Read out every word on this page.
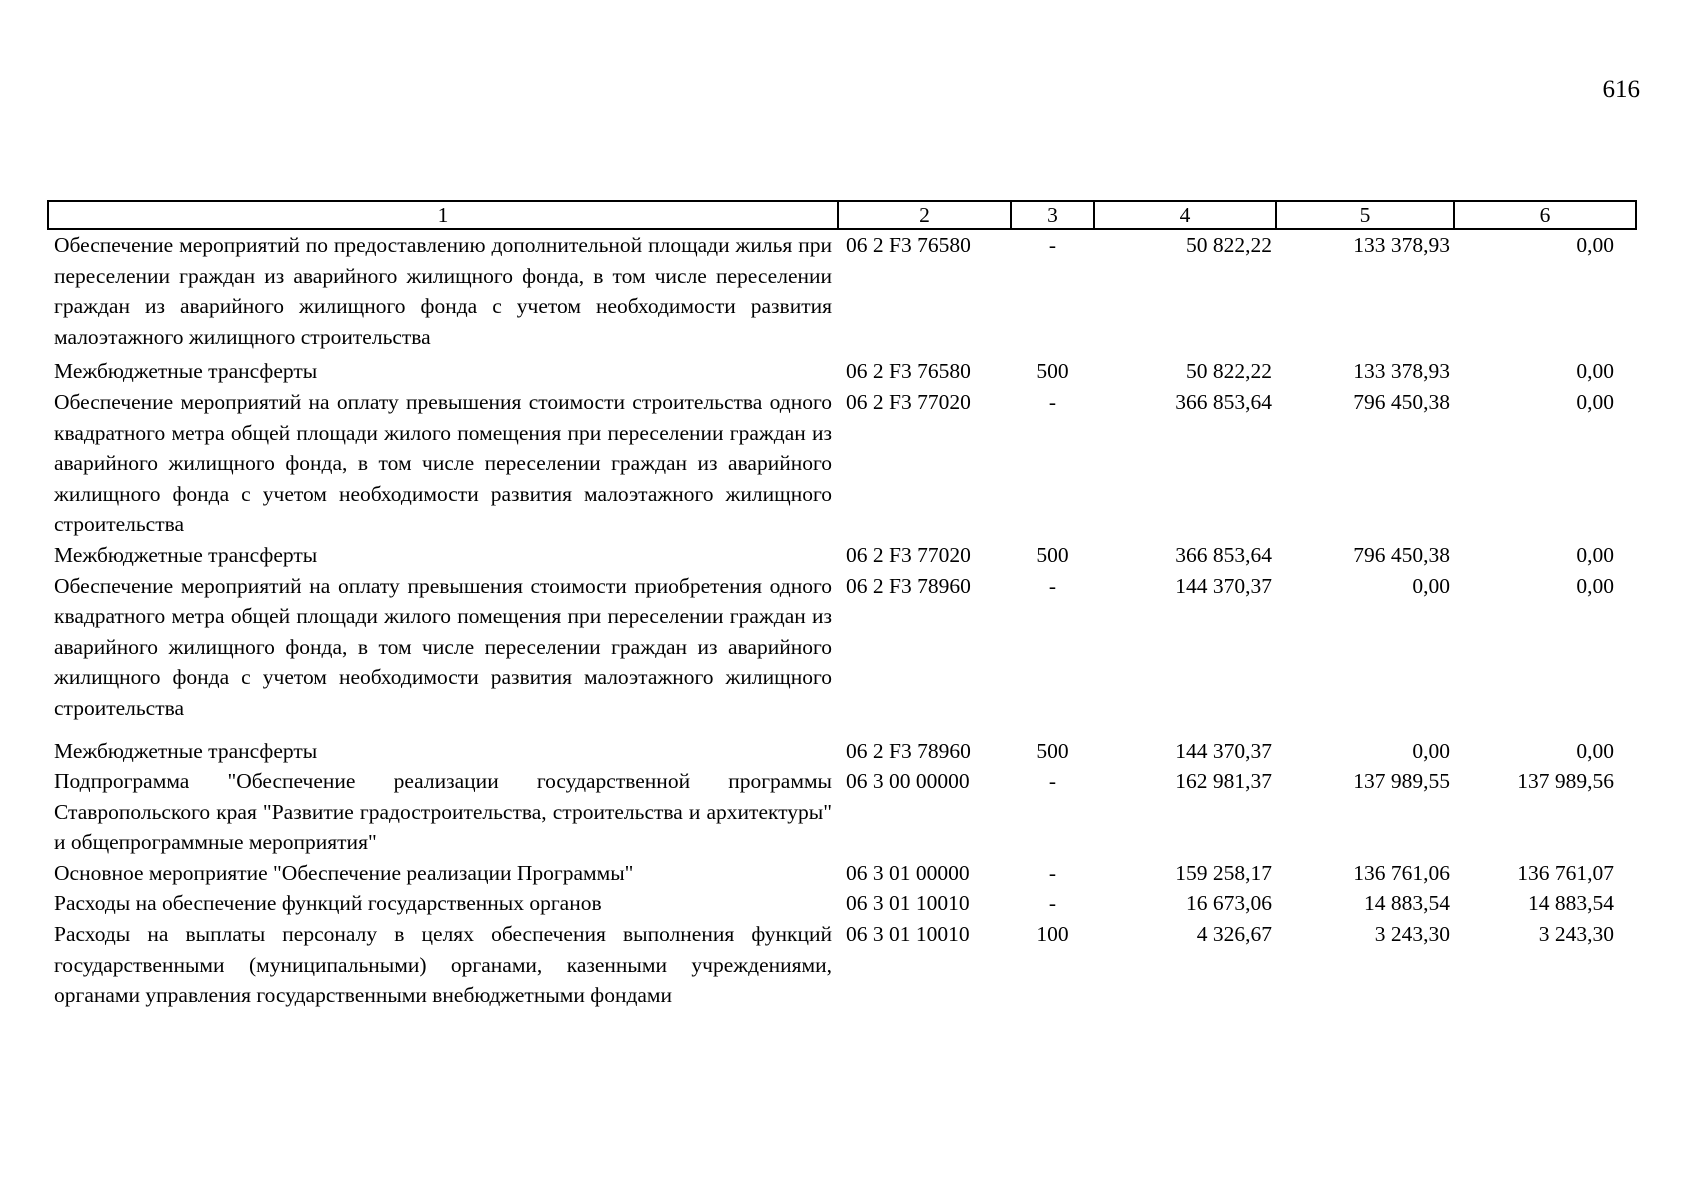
616
1	2	3	4	5	6
Обеспечение мероприятий по предоставлению дополнительной площади жилья при переселении граждан из аварийного жилищного фонда, в том числе переселении граждан из аварийного жилищного фонда с учетом необходимости развития малоэтажного жилищного строительства	06 2 F3 76580	-	50 822,22	133 378,93	0,00
Межбюджетные трансферты	06 2 F3 76580	500	50 822,22	133 378,93	0,00
Обеспечение мероприятий на оплату превышения стоимости строительства одного квадратного метра общей площади жилого помещения при переселении граждан из аварийного жилищного фонда, в том числе переселении граждан из аварийного жилищного фонда с учетом необходимости развития малоэтажного жилищного строительства	06 2 F3 77020	-	366 853,64	796 450,38	0,00
Межбюджетные трансферты	06 2 F3 77020	500	366 853,64	796 450,38	0,00
Обеспечение мероприятий на оплату превышения стоимости приобретения одного квадратного метра общей площади жилого помещения при переселении граждан из аварийного жилищного фонда, в том числе переселении граждан из аварийного жилищного фонда с учетом необходимости развития малоэтажного жилищного строительства	06 2 F3 78960	-	144 370,37	0,00	0,00
Межбюджетные трансферты	06 2 F3 78960	500	144 370,37	0,00	0,00
Подпрограмма "Обеспечение реализации государственной программы Ставропольского края "Развитие градостроительства, строительства и архитектуры" и общепрограммные мероприятия"	06 3 00 00000	-	162 981,37	137 989,55	137 989,56
Основное мероприятие "Обеспечение реализации Программы"	06 3 01 00000	-	159 258,17	136 761,06	136 761,07
Расходы на обеспечение функций государственных органов	06 3 01 10010	-	16 673,06	14 883,54	14 883,54
Расходы на выплаты персоналу в целях обеспечения выполнения функций государственными (муниципальными) органами, казенными учреждениями, органами управления государственными внебюджетными фондами	06 3 01 10010	100	4 326,67	3 243,30	3 243,30
